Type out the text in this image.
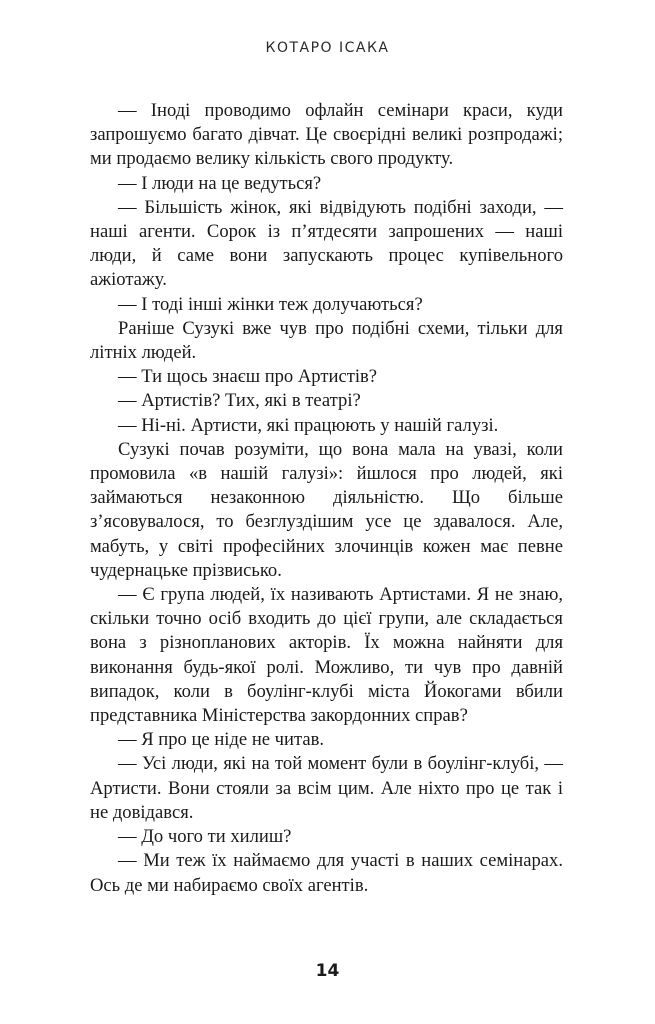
КОТАРО ІСАКА

— Іноді проводимо офлайн семінари краси, куди запрошуємо багато дівчат. Це своєрідні великі розпродажі; ми продаємо велику кількість свого продукту.

— І люди на це ведуться?

— Більшість жінок, які відвідують подібні заходи, — наші агенти. Сорок із п’ятдесяти запрошених — наші люди, й саме вони запускають процес купівельного ажіотажу.

— І тоді інші жінки теж долучаються?

Раніше Сузукі вже чув про подібні схеми, тільки для літніх людей.

— Ти щось знаєш про Артистів?

— Артистів? Тих, які в театрі?

— Ні-ні. Артисти, які працюють у нашій галузі.

Сузукі почав розуміти, що вона мала на увазі, коли промовила «в нашій галузі»: йшлося про людей, які займаються незаконною діяльністю. Що більше з’ясовувалося, то безглуздішим усе це здавалося. Але, мабуть, у світі професійних злочинців кожен має певне чудернацьке прізвисько.

— Є група людей, їх називають Артистами. Я не знаю, скільки точно осіб входить до цієї групи, але складається вона з різнопланових акторів. Їх можна найняти для виконання будь-якої ролі. Можливо, ти чув про давній випадок, коли в боулінг-клубі міста Йокогами вбили представника Міністерства закордонних справ?

— Я про це ніде не читав.

— Усі люди, які на той момент були в боулінг-клубі, — Артисти. Вони стояли за всім цим. Але ніхто про це так і не довідався.

— До чого ти хилиш?

— Ми теж їх наймаємо для участі в наших семінарах. Ось де ми набираємо своїх агентів.

14
